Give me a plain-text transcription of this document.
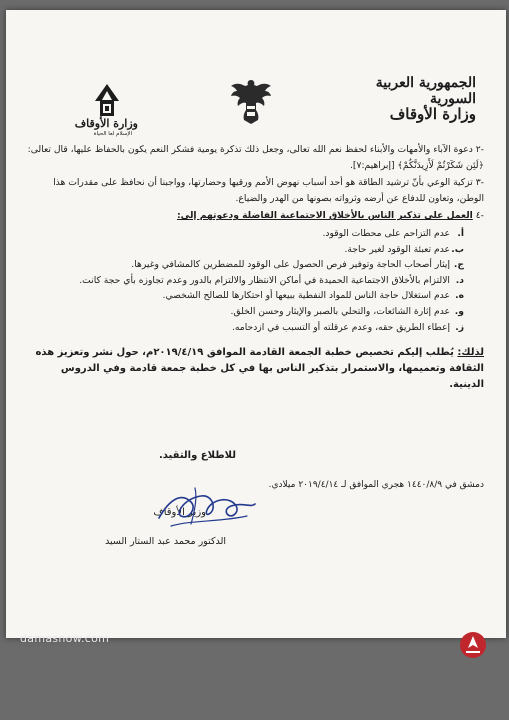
الجمهورية العربية السورية
وزارة الأوقاف
وزارة الأوقاف
الإسلام لعا الحياة
-٢ دعوة الآباء والأمهات والأبناء لحفظ نعم الله تعالى، وجعل ذلك تذكرة يومية فشكر النعم يكون بالحفاظ عليها، قال تعالى: ﴿لَئِن شَكَرْتُمْ لَأَزِيدَنَّكُمْ﴾ [إبراهيم:٧].
-٣ تزكية الوعي بأنّ ترشيد الطاقة هو أحد أسباب نهوض الأمم ورقيها وحضارتها، وواجبنا أن نحافظ على مقدرات هذا الوطن، وتعاون للدفاع عن أرضه وثرواته بصونها من الهدر والضياع.
-٤ العمل على تذكير الناس بالأخلاق الاجتماعية الفاضلة ودعوتهم إلى:
أ.
عدم التزاحم على محطات الوقود.
ب.
عدم تعبئة الوقود لغير حاجة.
ج.
إيثار أصحاب الحاجة وتوفير فرص الحصول على الوقود للمضطرين كالمشافي وغيرها.
د.
الالتزام بالأخلاق الاجتماعية الحميدة في أماكن الانتظار والالتزام بالدور وعدم تجاوزه بأي حجة كانت.
ه.
عدم استغلال حاجة الناس للمواد النفطية ببيعها أو احتكارها للصالح الشخصي.
و.
عدم إثارة الشائعات، والتحلي بالصبر والإيثار وحسن الخلق.
ز.
إعطاء الطريق حقه، وعدم عرقلته أو التسبب في ازدحامه.
لذلك: يُطلب إليكم تخصيص خطبة الجمعة القادمة الموافق ٢٠١٩/٤/١٩م، حول نشر وتعزيز هذه الثقافة وتعميمها، والاستمرار بتذكير الناس بها في كل خطبة جمعة قادمة وفي الدروس الدينية.
للاطلاع والتقيد.
دمشق في ١٤٤٠/٨/٩ هجري الموافق لـ ٢٠١٩/٤/١٤ ميلادي.
وزير الأوقاف
الدكتور محمد عبد الستار السيد
damasnow.com
